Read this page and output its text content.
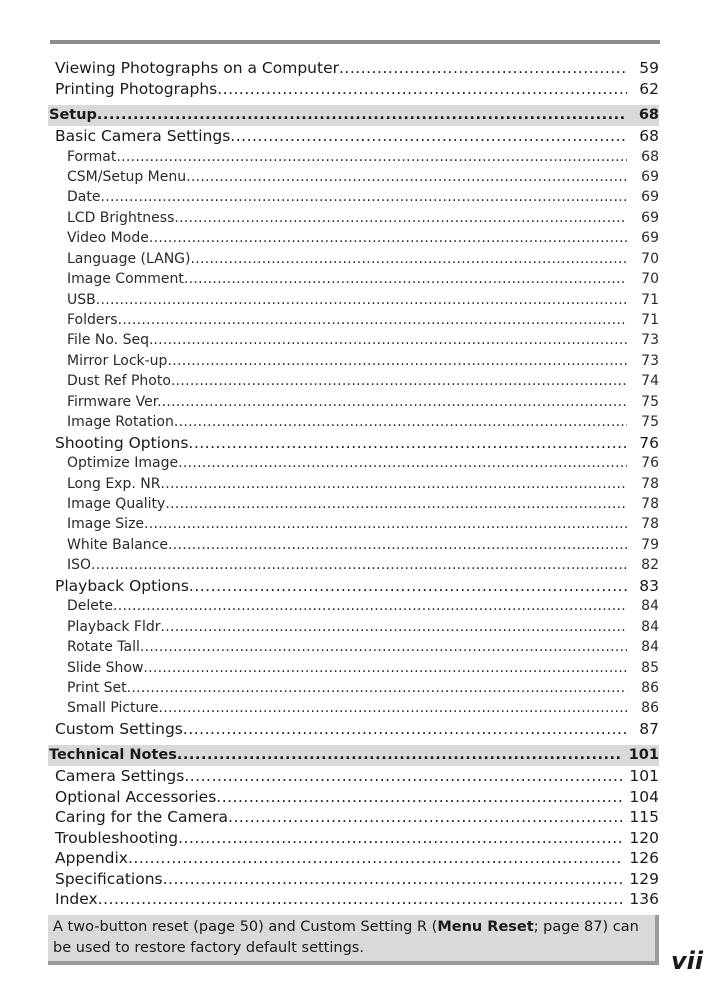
Viewing Photographs on a Computer .....	59
Printing Photographs .....	62
Setup .....	68
Basic Camera Settings .....	68
Format .....	68
CSM/Setup Menu .....	69
Date .....	69
LCD Brightness .....	69
Video Mode .....	69
Language (LANG) .....	70
Image Comment .....	70
USB .....	71
Folders .....	71
File No. Seq. .....	73
Mirror Lock-up .....	73
Dust Ref Photo .....	74
Firmware Ver. .....	75
Image Rotation .....	75
Shooting Options .....	76
Optimize Image .....	76
Long Exp. NR .....	78
Image Quality .....	78
Image Size .....	78
White Balance .....	79
ISO .....	82
Playback Options .....	83
Delete .....	84
Playback Fldr .....	84
Rotate Tall .....	84
Slide Show .....	85
Print Set .....	86
Small Picture .....	86
Custom Settings .....	87
Technical Notes .....	101
Camera Settings .....	101
Optional Accessories .....	104
Caring for the Camera .....	115
Troubleshooting .....	120
Appendix .....	126
Specifications .....	129
Index .....	136
A two-button reset (page 50) and Custom Setting R (Menu Reset; page 87) can be used to restore factory default settings.	vii
